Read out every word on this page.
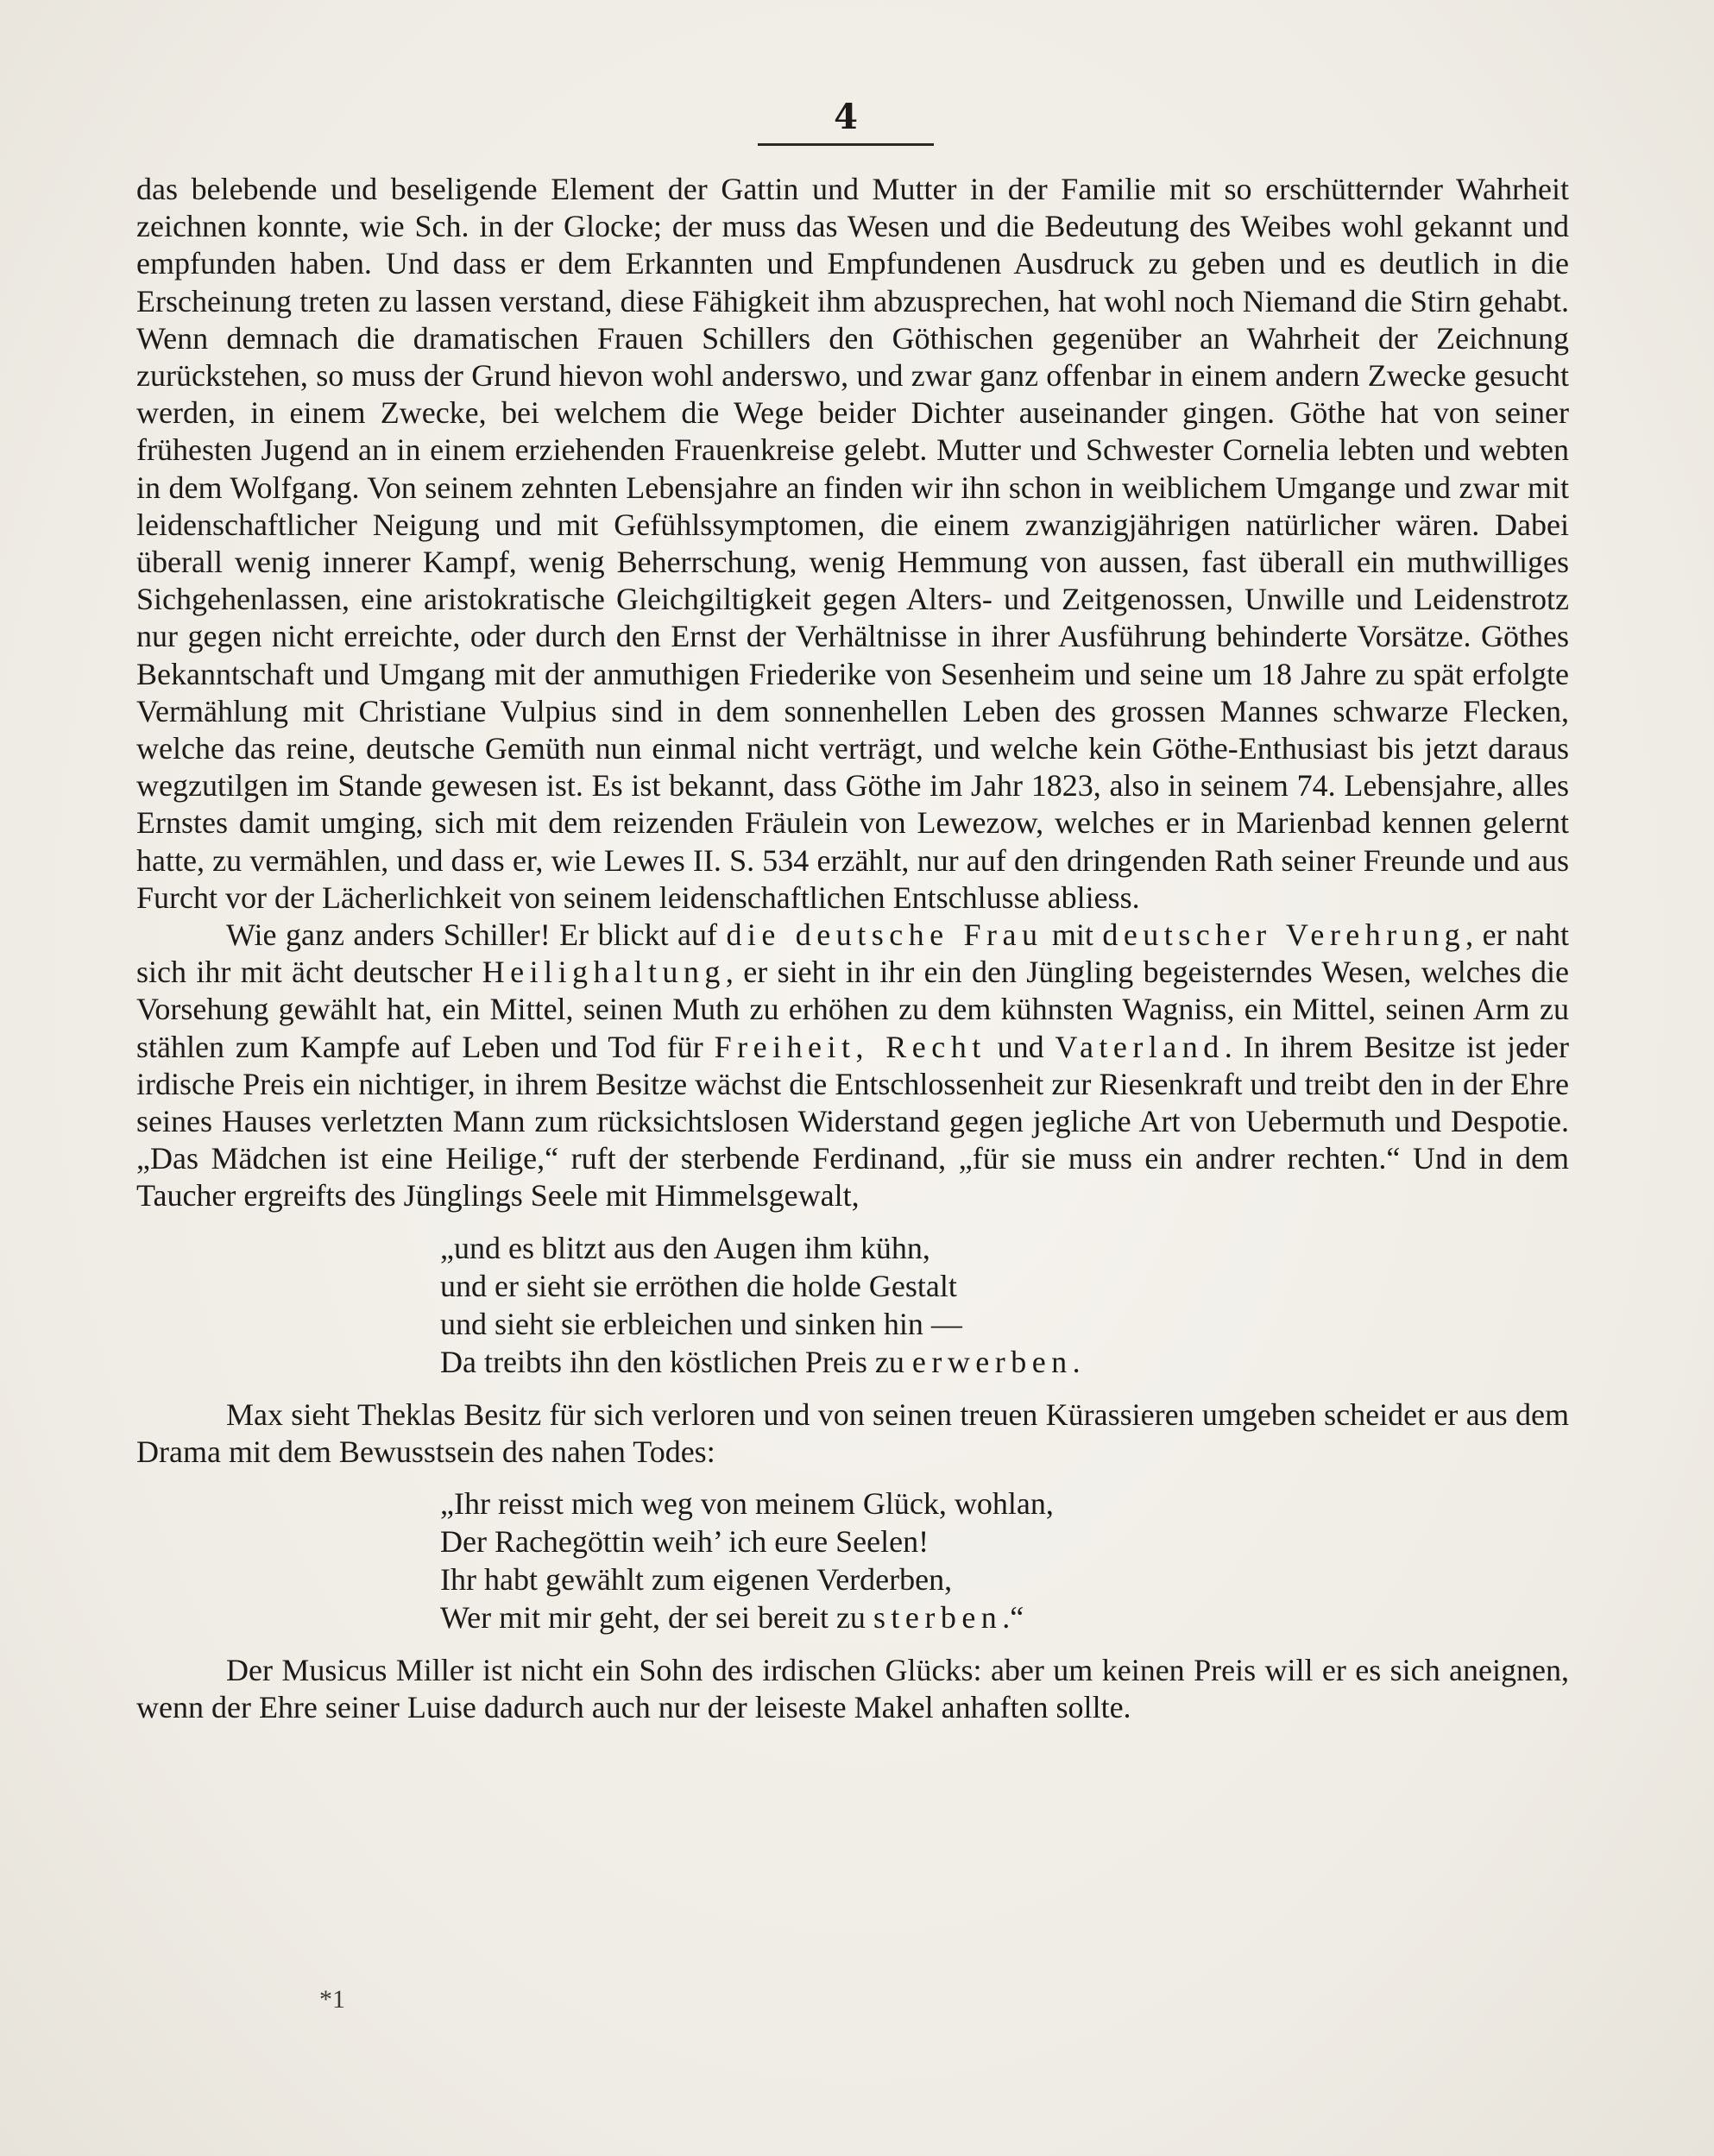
4

das belebende und beseligende Element der Gattin und Mutter in der Familie mit so erschütternder Wahrheit zeichnen konnte, wie Sch. in der Glocke; der muss das Wesen und die Bedeutung des Weibes wohl gekannt und empfunden haben. Und dass er dem Erkannten und Empfundenen Ausdruck zu geben und es deutlich in die Erscheinung treten zu lassen verstand, diese Fähigkeit ihm abzusprechen, hat wohl noch Niemand die Stirn gehabt. Wenn demnach die dramatischen Frauen Schillers den Göthischen gegenüber an Wahrheit der Zeichnung zurückstehen, so muss der Grund hievon wohl anderswo, und zwar ganz offenbar in einem andern Zwecke gesucht werden, in einem Zwecke, bei welchem die Wege beider Dichter auseinander gingen. Göthe hat von seiner frühesten Jugend an in einem erziehenden Frauenkreise gelebt. Mutter und Schwester Cornelia lebten und webten in dem Wolfgang. Von seinem zehnten Lebensjahre an finden wir ihn schon in weiblichem Umgange und zwar mit leidenschaftlicher Neigung und mit Gefühlssymptomen, die einem zwanzigjährigen natürlicher wären. Dabei überall wenig innerer Kampf, wenig Beherrschung, wenig Hemmung von aussen, fast überall ein muthwilliges Sichgehenlassen, eine aristokratische Gleichgiltigkeit gegen Alters- und Zeitgenossen, Unwille und Leidenstrotz nur gegen nicht erreichte, oder durch den Ernst der Verhältnisse in ihrer Ausführung behinderte Vorsätze. Göthes Bekanntschaft und Umgang mit der anmuthigen Friederike von Sesenheim und seine um 18 Jahre zu spät erfolgte Vermählung mit Christiane Vulpius sind in dem sonnenhellen Leben des grossen Mannes schwarze Flecken, welche das reine, deutsche Gemüth nun einmal nicht verträgt, und welche kein Göthe-Enthusiast bis jetzt daraus wegzutilgen im Stande gewesen ist. Es ist bekannt, dass Göthe im Jahr 1823, also in seinem 74. Lebensjahre, alles Ernstes damit umging, sich mit dem reizenden Fräulein von Lewezow, welches er in Marienbad kennen gelernt hatte, zu vermählen, und dass er, wie Lewes II. S. 534 erzählt, nur auf den dringenden Rath seiner Freunde und aus Furcht vor der Lächerlichkeit von seinem leidenschaftlichen Entschlusse abliess.

Wie ganz anders Schiller! Er blickt auf die deutsche Frau mit deutscher Verehrung, er naht sich ihr mit ächt deutscher Heilighaltung, er sieht in ihr ein den Jüngling begeisterndes Wesen, welches die Vorsehung gewählt hat, ein Mittel, seinen Muth zu erhöhen zu dem kühnsten Wagniss, ein Mittel, seinen Arm zu stählen zum Kampfe auf Leben und Tod für Freiheit, Recht und Vaterland. In ihrem Besitze ist jeder irdische Preis ein nichtiger, in ihrem Besitze wächst die Entschlossenheit zur Riesenkraft und treibt den in der Ehre seines Hauses verletzten Mann zum rücksichtslosen Widerstand gegen jegliche Art von Uebermuth und Despotie. „Das Mädchen ist eine Heilige,“ ruft der sterbende Ferdinand, „für sie muss ein andrer rechten.“ Und in dem Taucher ergreifts des Jünglings Seele mit Himmelsgewalt,

„und es blitzt aus den Augen ihm kühn,
und er sieht sie erröthen die holde Gestalt
und sieht sie erbleichen und sinken hin —
Da treibts ihn den köstlichen Preis zu erwerben.

Max sieht Theklas Besitz für sich verloren und von seinen treuen Kürassieren umgeben scheidet er aus dem Drama mit dem Bewusstsein des nahen Todes:

„Ihr reisst mich weg von meinem Glück, wohlan,
Der Rachegöttin weih’ ich eure Seelen!
Ihr habt gewählt zum eigenen Verderben,
Wer mit mir geht, der sei bereit zu sterben.“

Der Musicus Miller ist nicht ein Sohn des irdischen Glücks: aber um keinen Preis will er es sich aneignen, wenn der Ehre seiner Luise dadurch auch nur der leiseste Makel anhaften sollte.

*1
